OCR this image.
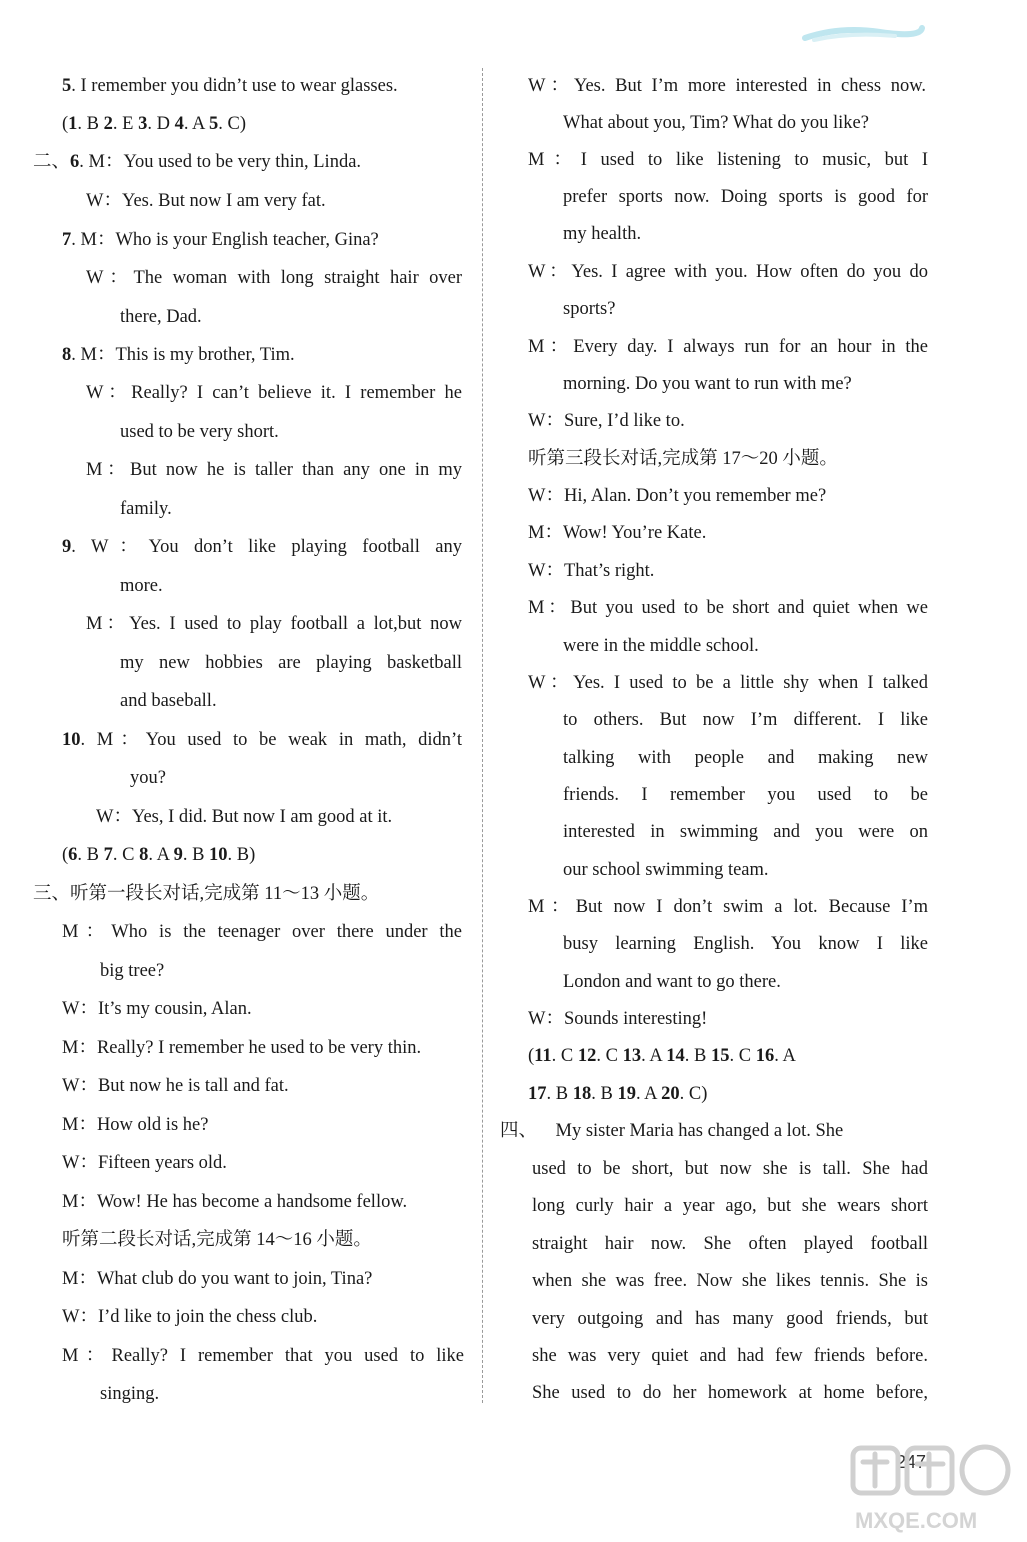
5. I remember you didn’t use to wear glasses.
(1. B 2. E 3. D 4. A 5. C)
二、6. M：You used to be very thin, Linda.
W：Yes. But now I am very fat.
7. M：Who is your English teacher, Gina?
W：The woman with long straight hair over
there, Dad.
8. M：This is my brother, Tim.
W：Really? I can’t believe it. I remember he
used to be very short.
M：But now he is taller than any one in my
family.
9. W：You don’t like playing football any
more.
M：Yes. I used to play football a lot,but now
my new hobbies are playing basketball
and baseball.
10. M：You used to be weak in math, didn’t
you?
W：Yes, I did. But now I am good at it.
(6. B 7. C 8. A 9. B 10. B)
三、听第一段长对话,完成第 11～13 小题。
M：Who is the teenager over there under the
big tree?
W：It’s my cousin, Alan.
M：Really? I remember he used to be very thin.
W：But now he is tall and fat.
M：How old is he?
W：Fifteen years old.
M：Wow! He has become a handsome fellow.
听第二段长对话,完成第 14～16 小题。
M：What club do you want to join, Tina?
W：I’d like to join the chess club.
M：Really? I remember that you used to like
singing.
W：Yes. But I’m more interested in chess now.
What about you, Tim? What do you like?
M：I used to like listening to music, but I
prefer sports now. Doing sports is good for
my health.
W：Yes. I agree with you. How often do you do
sports?
M：Every day. I always run for an hour in the
morning. Do you want to run with me?
W：Sure, I’d like to.
听第三段长对话,完成第 17～20 小题。
W：Hi, Alan. Don’t you remember me?
M：Wow! You’re Kate.
W：That’s right.
M：But you used to be short and quiet when we
were in the middle school.
W：Yes. I used to be a little shy when I talked
to others. But now I’m different. I like
talking with people and making new
friends. I remember you used to be
interested in swimming and you were on
our school swimming team.
M：But now I don’t swim a lot. Because I’m
busy learning English. You know I like
London and want to go there.
W：Sounds interesting!
(11. C 12. C 13. A 14. B 15. C 16. A
17. B 18. B 19. A 20. C)
四、    My sister Maria has changed a lot. She
used to be short, but now she is tall. She had
long curly hair a year ago, but she wears short
straight hair now. She often played football
when she was free. Now she likes tennis. She is
very outgoing and has many good friends, but
she was very quiet and had few friends before.
She used to do her homework at home before,
247
MXQE.COM
